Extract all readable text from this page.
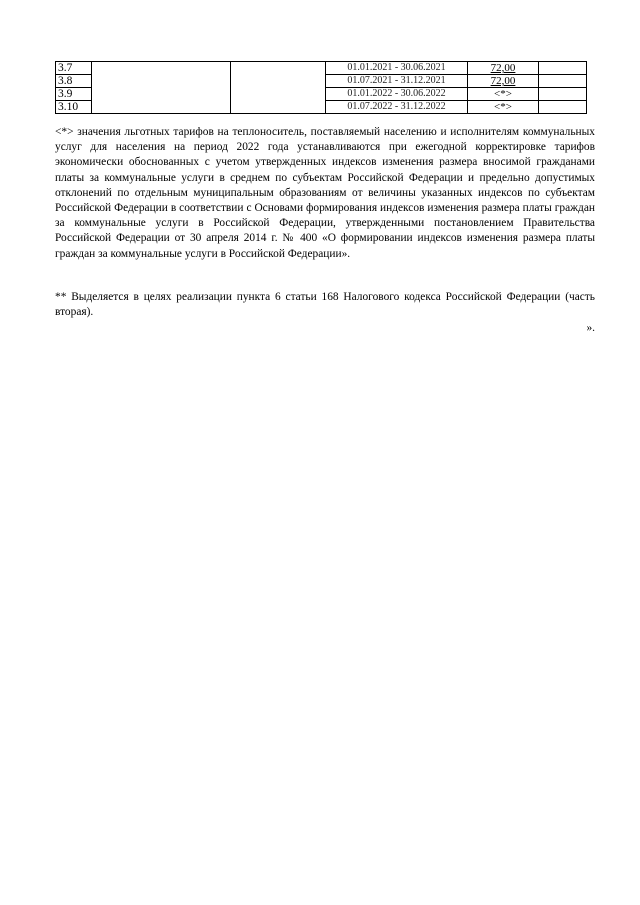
3.7			01.01.2021 - 30.06.2021	72,00	
3.8			01.07.2021 - 31.12.2021	72,00	
3.9			01.01.2022 - 30.06.2022	<*>	
3.10			01.07.2022 - 31.12.2022	<*>	

<*> значения льготных тарифов на теплоноситель, поставляемый населению и исполнителям коммунальных услуг для населения на период 2022 года устанавливаются при ежегодной корректировке тарифов экономически обоснованных с учетом утвержденных индексов изменения размера вносимой гражданами платы за коммунальные услуги в среднем по субъектам Российской Федерации и предельно допустимых отклонений по отдельным муниципальным образованиям от величины указанных индексов по субъектам Российской Федерации в соответствии с Основами формирования индексов изменения размера платы граждан за коммунальные услуги в Российской Федерации, утвержденными постановлением Правительства Российской Федерации от 30 апреля 2014 г. № 400 «О формировании индексов изменения размера платы граждан за коммунальные услуги в Российской Федерации».

** Выделяется в целях реализации пункта 6 статьи 168 Налогового кодекса Российской Федерации (часть вторая).

».
